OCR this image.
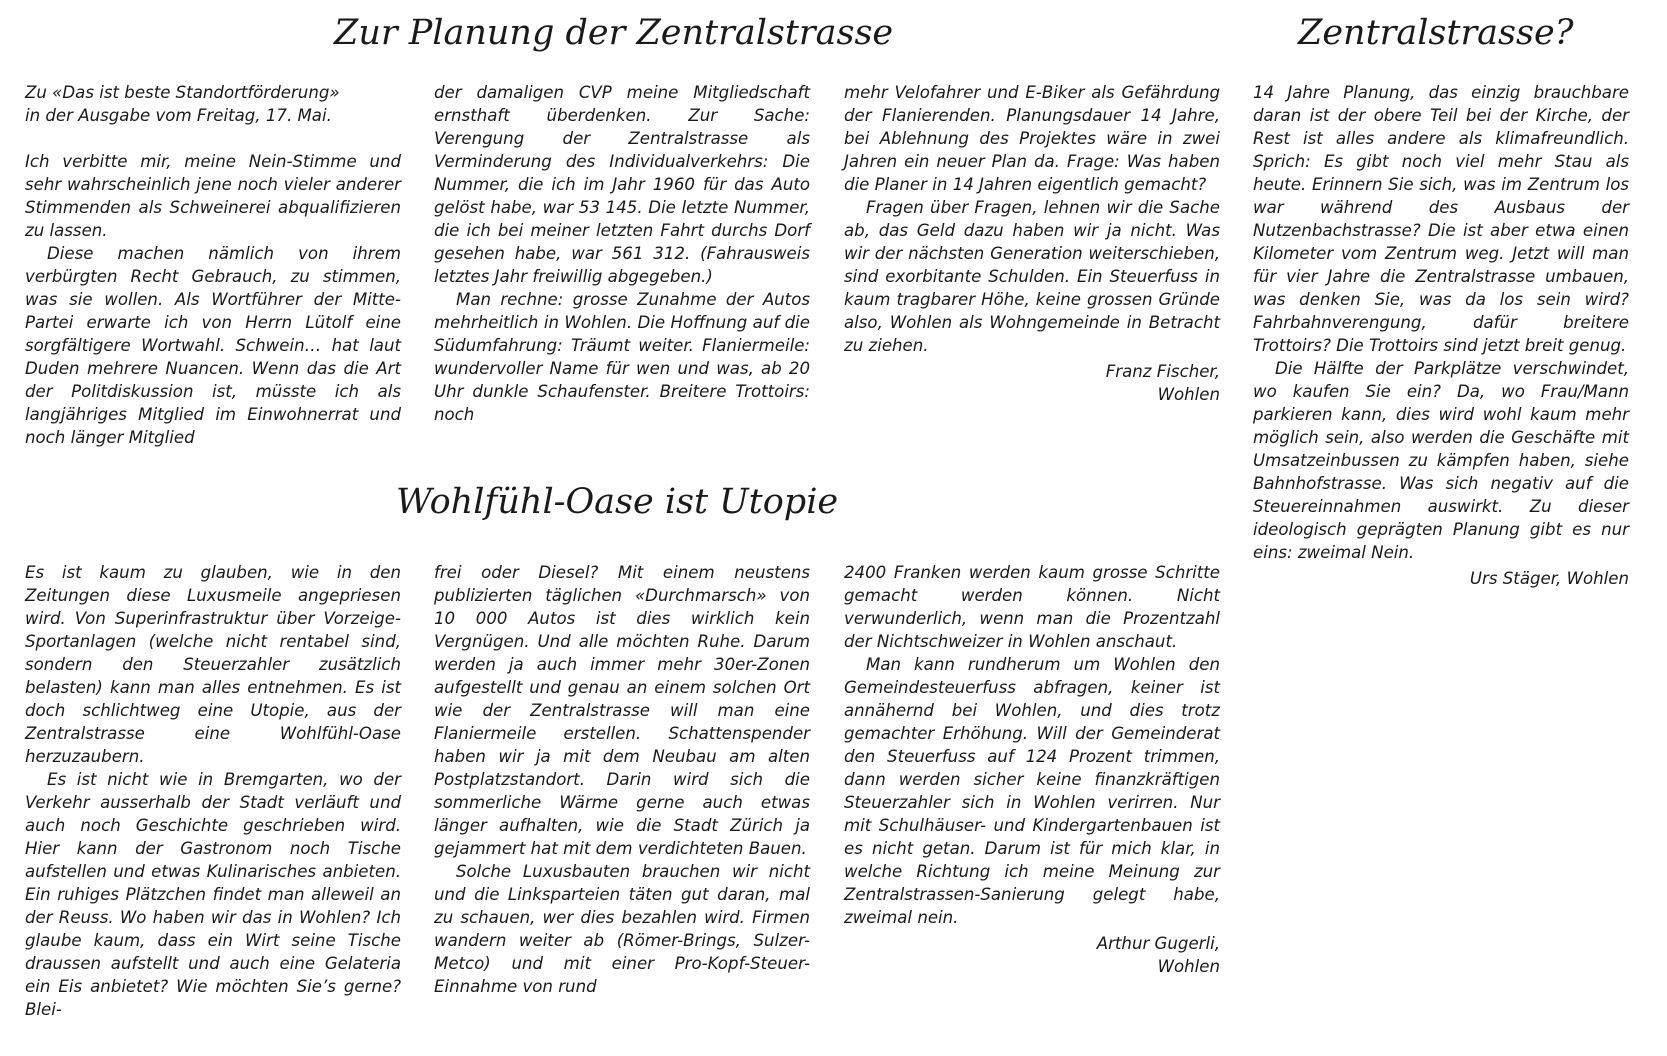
Zur Planung der Zentralstrasse

Zu «Das ist beste Standortförderung»

in der Ausgabe vom Freitag, 17. Mai.

Ich verbitte mir, meine Nein-Stimme und sehr wahrscheinlich jene noch vieler anderer Stimmenden als Schweinerei abqualifizieren zu lassen.

Diese machen nämlich von ihrem verbürgten Recht Gebrauch, zu stimmen, was sie wollen. Als Wortführer der Mitte-Partei erwarte ich von Herrn Lütolf eine sorgfältigere Wortwahl. Schwein… hat laut Duden mehrere Nuancen. Wenn das die Art der Politdiskussion ist, müsste ich als langjähriges Mitglied im Einwohnerrat und noch länger Mitglied

der damaligen CVP meine Mitgliedschaft ernsthaft überdenken. Zur Sache: Verengung der Zentralstrasse als Verminderung des Individualverkehrs: Die Nummer, die ich im Jahr 1960 für das Auto gelöst habe, war 53 145. Die letzte Nummer, die ich bei meiner letzten Fahrt durchs Dorf gesehen habe, war 561 312. (Fahrausweis letztes Jahr freiwillig abgegeben.)

Man rechne: grosse Zunahme der Autos mehrheitlich in Wohlen. Die Hoffnung auf die Südumfahrung: Träumt weiter. Flaniermeile: wundervoller Name für wen und was, ab 20 Uhr dunkle Schaufenster. Breitere Trottoirs: noch

mehr Velofahrer und E-Biker als Gefährdung der Flanierenden. Planungsdauer 14 Jahre, bei Ablehnung des Projektes wäre in zwei Jahren ein neuer Plan da. Frage: Was haben die Planer in 14 Jahren eigentlich gemacht?

Fragen über Fragen, lehnen wir die Sache ab, das Geld dazu haben wir ja nicht. Was wir der nächsten Generation weiterschieben, sind exorbitante Schulden. Ein Steuerfuss in kaum tragbarer Höhe, keine grossen Gründe also, Wohlen als Wohngemeinde in Betracht zu ziehen.

Franz Fischer,
Wohlen

Wohlfühl-Oase ist Utopie

Es ist kaum zu glauben, wie in den Zeitungen diese Luxusmeile angepriesen wird. Von Superinfrastruktur über Vorzeige-Sportanlagen (welche nicht rentabel sind, sondern den Steuerzahler zusätzlich belasten) kann man alles entnehmen. Es ist doch schlichtweg eine Utopie, aus der Zentralstrasse eine Wohlfühl-Oase herzuzaubern.

Es ist nicht wie in Bremgarten, wo der Verkehr ausserhalb der Stadt verläuft und auch noch Geschichte geschrieben wird. Hier kann der Gastronom noch Tische aufstellen und etwas Kulinarisches anbieten. Ein ruhiges Plätzchen findet man alleweil an der Reuss. Wo haben wir das in Wohlen? Ich glaube kaum, dass ein Wirt seine Tische draussen aufstellt und auch eine Gelateria ein Eis anbietet? Wie möchten Sie’s gerne? Blei-

frei oder Diesel? Mit einem neustens publizierten täglichen «Durchmarsch» von 10 000 Autos ist dies wirklich kein Vergnügen. Und alle möchten Ruhe. Darum werden ja auch immer mehr 30er-Zonen aufgestellt und genau an einem solchen Ort wie der Zentralstrasse will man eine Flaniermeile erstellen. Schattenspender haben wir ja mit dem Neubau am alten Postplatzstandort. Darin wird sich die sommerliche Wärme gerne auch etwas länger aufhalten, wie die Stadt Zürich ja gejammert hat mit dem verdichteten Bauen.

Solche Luxusbauten brauchen wir nicht und die Linksparteien täten gut daran, mal zu schauen, wer dies bezahlen wird. Firmen wandern weiter ab (Römer-Brings, Sulzer-Metco) und mit einer Pro-Kopf-Steuer-Einnahme von rund

2400 Franken werden kaum grosse Schritte gemacht werden können. Nicht verwunderlich, wenn man die Prozentzahl der Nichtschweizer in Wohlen anschaut.

Man kann rundherum um Wohlen den Gemeindesteuerfuss abfragen, keiner ist annähernd bei Wohlen, und dies trotz gemachter Erhöhung. Will der Gemeinderat den Steuerfuss auf 124 Prozent trimmen, dann werden sicher keine finanzkräftigen Steuerzahler sich in Wohlen verirren. Nur mit Schulhäuser- und Kindergartenbauen ist es nicht getan. Darum ist für mich klar, in welche Richtung ich meine Meinung zur Zentralstrassen-Sanierung gelegt habe, zweimal nein.

Arthur Gugerli,
Wohlen

Zentralstrasse?

14 Jahre Planung, das einzig brauchbare daran ist der obere Teil bei der Kirche, der Rest ist alles andere als klimafreundlich. Sprich: Es gibt noch viel mehr Stau als heute. Erinnern Sie sich, was im Zentrum los war während des Ausbaus der Nutzenbachstrasse? Die ist aber etwa einen Kilometer vom Zentrum weg. Jetzt will man für vier Jahre die Zentralstrasse umbauen, was denken Sie, was da los sein wird? Fahrbahnverengung, dafür breitere Trottoirs? Die Trottoirs sind jetzt breit genug.

Die Hälfte der Parkplätze verschwindet, wo kaufen Sie ein? Da, wo Frau/Mann parkieren kann, dies wird wohl kaum mehr möglich sein, also werden die Geschäfte mit Umsatzeinbussen zu kämpfen haben, siehe Bahnhofstrasse. Was sich negativ auf die Steuereinnahmen auswirkt. Zu dieser ideologisch geprägten Planung gibt es nur eins: zweimal Nein.

Urs Stäger, Wohlen
